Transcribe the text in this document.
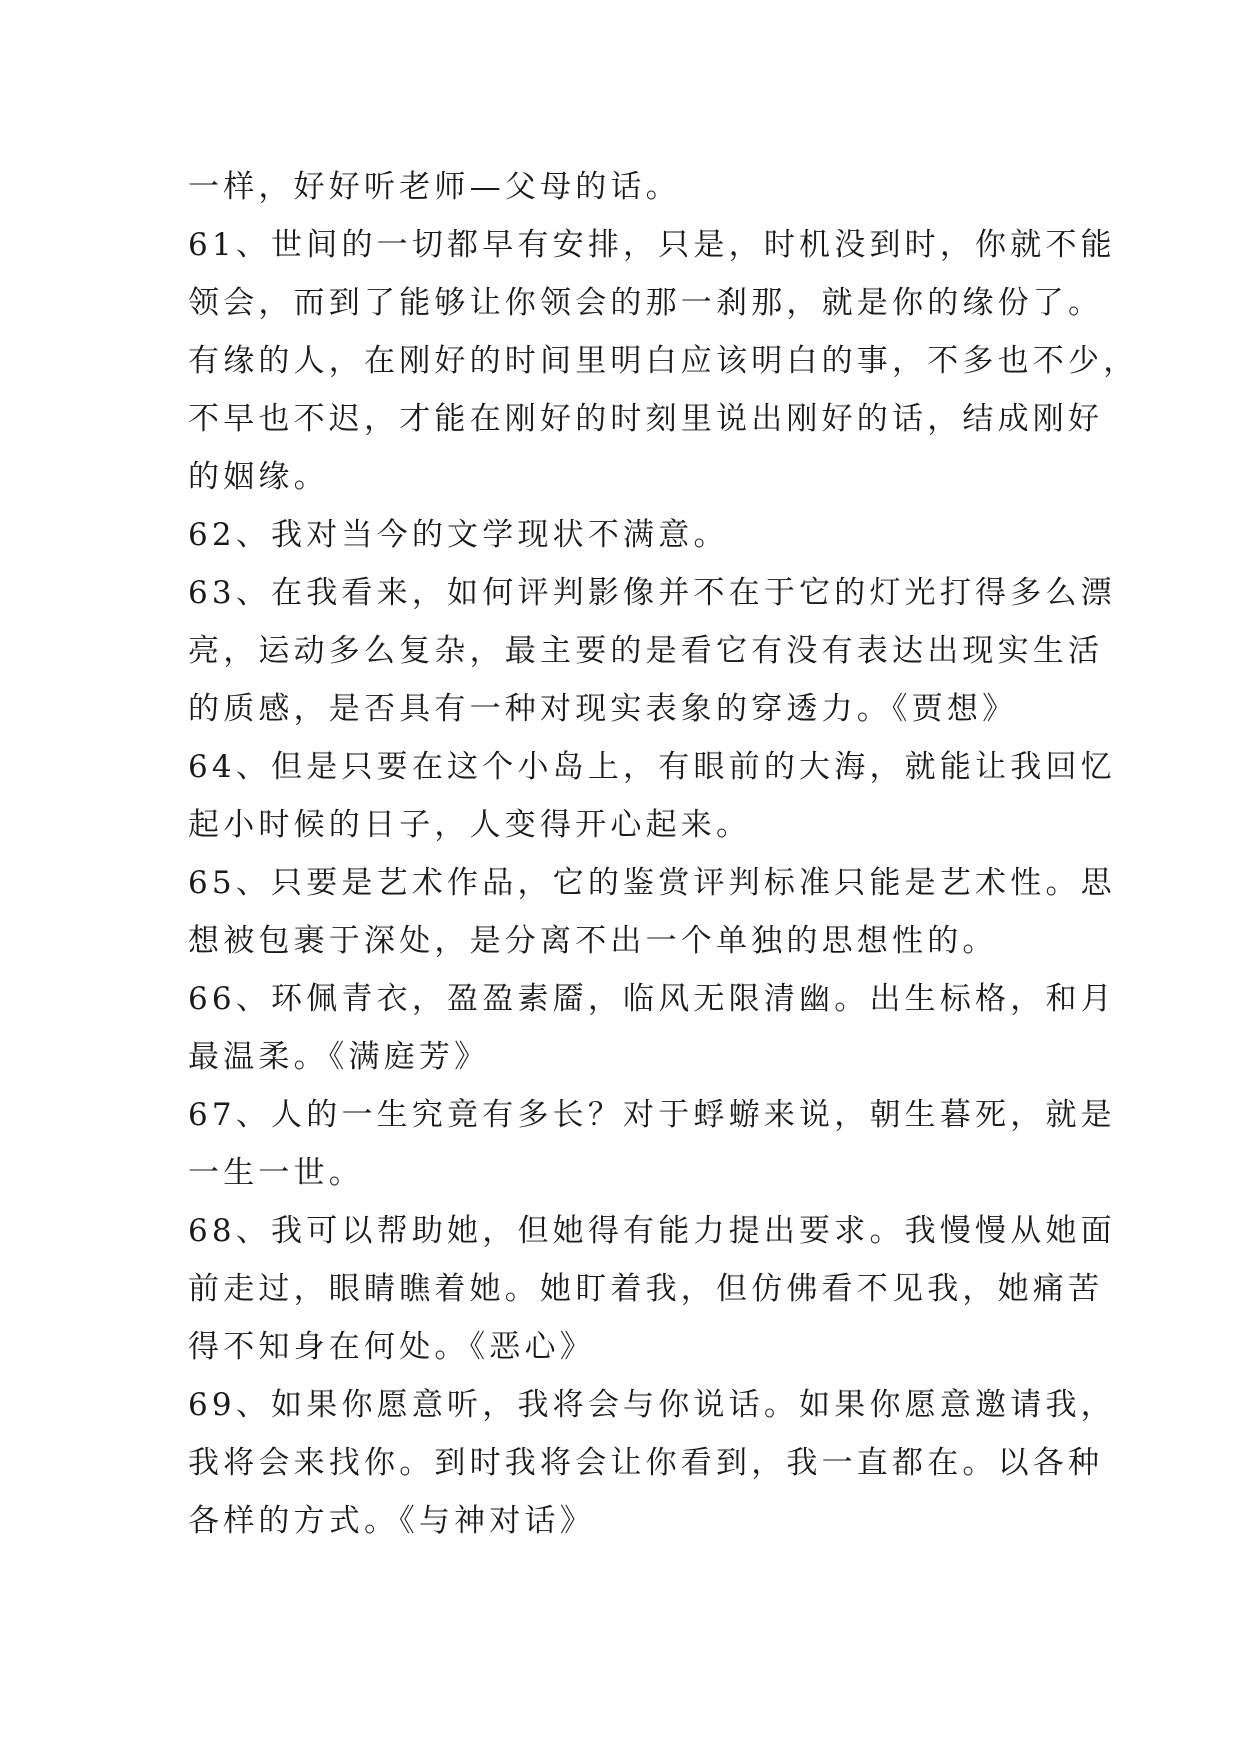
一样，好好听老师—父母的话。
61、世间的一切都早有安排，只是，时机没到时，你就不能
领会，而到了能够让你领会的那一刹那，就是你的缘份了。
有缘的人，在刚好的时间里明白应该明白的事，不多也不少，
不早也不迟，才能在刚好的时刻里说出刚好的话，结成刚好
的姻缘。
62、我对当今的文学现状不满意。
63、在我看来，如何评判影像并不在于它的灯光打得多么漂
亮，运动多么复杂，最主要的是看它有没有表达出现实生活
的质感，是否具有一种对现实表象的穿透力。《贾想》
64、但是只要在这个小岛上，有眼前的大海，就能让我回忆
起小时候的日子，人变得开心起来。
65、只要是艺术作品，它的鉴赏评判标准只能是艺术性。思
想被包裹于深处，是分离不出一个单独的思想性的。
66、环佩青衣，盈盈素靥，临风无限清幽。出生标格，和月
最温柔。《满庭芳》
67、人的一生究竟有多长？对于蜉蝣来说，朝生暮死，就是
一生一世。
68、我可以帮助她，但她得有能力提出要求。我慢慢从她面
前走过，眼睛瞧着她。她盯着我，但仿佛看不见我，她痛苦
得不知身在何处。《恶心》
69、如果你愿意听，我将会与你说话。如果你愿意邀请我，
我将会来找你。到时我将会让你看到，我一直都在。以各种
各样的方式。《与神对话》
